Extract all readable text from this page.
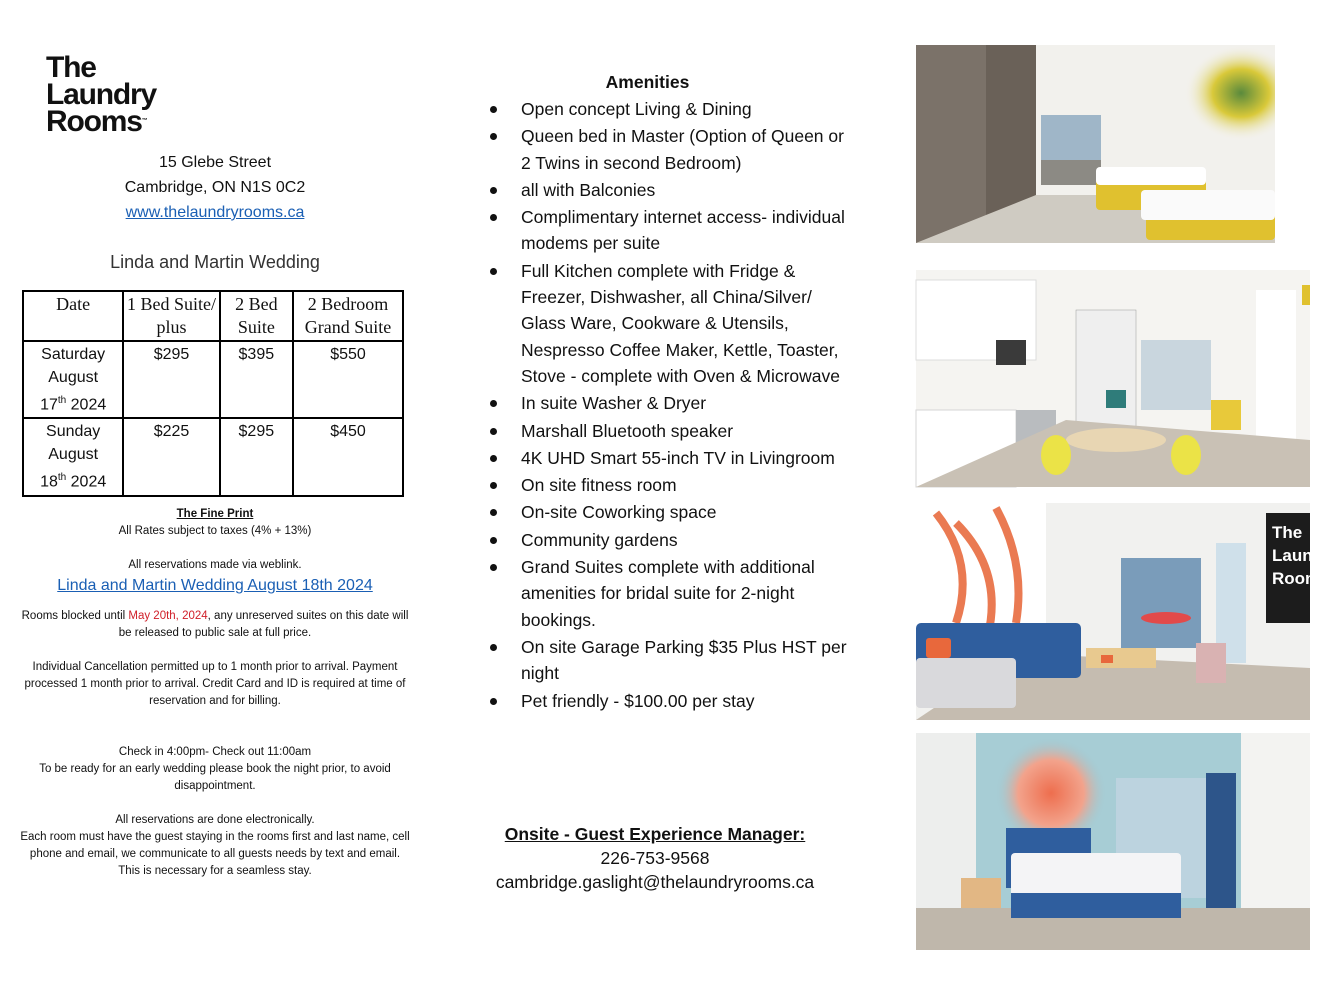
The
Laundry
Rooms™
15 Glebe Street
Cambridge, ON N1S 0C2
www.thelaundryrooms.ca
Linda and Martin Wedding
Date	1 Bed Suite/ plus	2 Bed Suite	2 Bedroom Grand Suite

Saturday
August
17th 2024	$295	$395	$550

Sunday
August
18th 2024	$225	$295	$450

The Fine Print

All Rates subject to taxes (4% + 13%)

All reservations made via weblink.

Linda and Martin Wedding August 18th 2024

Rooms blocked until May 20th, 2024, any unreserved suites on this date will be released to public sale at full price.

Individual Cancellation permitted up to 1 month prior to arrival. Payment processed 1 month prior to arrival. Credit Card and ID is required at time of reservation and for billing.

Check in 4:00pm- Check out 11:00am

To be ready for an early wedding please book the night prior, to avoid disappointment.

All reservations are done electronically.

Each room must have the guest staying in the rooms first and last name, cell phone and email, we communicate to all guests needs by text and email. This is necessary for a seamless stay.

Amenities
Open concept Living & Dining
Queen bed in Master (Option of Queen or 2 Twins in second Bedroom)
all with Balconies
Complimentary internet access- individual modems per suite
Full Kitchen complete with Fridge & Freezer, Dishwasher, all China/Silver/ Glass Ware, Cookware & Utensils, Nespresso Coffee Maker, Kettle, Toaster, Stove - complete with Oven & Microwave
In suite Washer & Dryer
Marshall Bluetooth speaker
4K UHD Smart 55-inch TV in Livingroom
On site fitness room
On-site Coworking space
Community gardens
Grand Suites complete with additional amenities for bridal suite for 2-night bookings.
On site Garage Parking $35 Plus HST per night
Pet friendly - $100.00 per stay
Onsite - Guest Experience Manager:
226-753-9568
cambridge.gaslight@thelaundryrooms.ca
The
Laund
Room
